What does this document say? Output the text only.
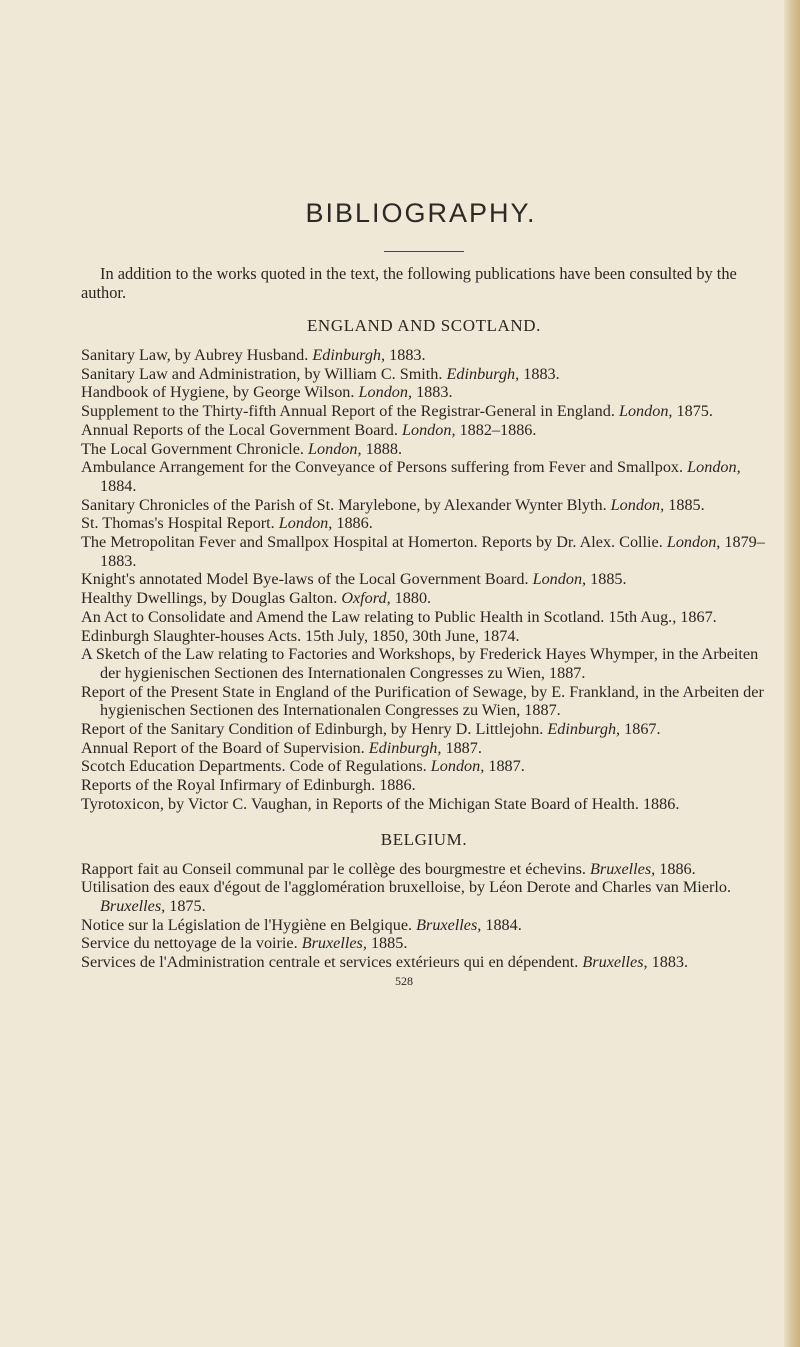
BIBLIOGRAPHY.

In addition to the works quoted in the text, the following publications have been consulted by the author.

ENGLAND AND SCOTLAND.
Sanitary Law, by Aubrey Husband. Edinburgh, 1883.
Sanitary Law and Administration, by William C. Smith. Edinburgh, 1883.
Handbook of Hygiene, by George Wilson. London, 1883.
Supplement to the Thirty-fifth Annual Report of the Registrar-General in England. London, 1875.
Annual Reports of the Local Government Board. London, 1882–1886.
The Local Government Chronicle. London, 1888.
Ambulance Arrangement for the Conveyance of Persons suffering from Fever and Smallpox. London, 1884.
Sanitary Chronicles of the Parish of St. Marylebone, by Alexander Wynter Blyth. London, 1885.
St. Thomas's Hospital Report. London, 1886.
The Metropolitan Fever and Smallpox Hospital at Homerton. Reports by Dr. Alex. Collie. London, 1879–1883.
Knight's annotated Model Bye-laws of the Local Government Board. London, 1885.
Healthy Dwellings, by Douglas Galton. Oxford, 1880.
An Act to Consolidate and Amend the Law relating to Public Health in Scotland. 15th Aug., 1867.
Edinburgh Slaughter-houses Acts. 15th July, 1850, 30th June, 1874.
A Sketch of the Law relating to Factories and Workshops, by Frederick Hayes Whymper, in the Arbeiten der hygienischen Sectionen des Internationalen Congresses zu Wien, 1887.
Report of the Present State in England of the Purification of Sewage, by E. Frankland, in the Arbeiten der hygienischen Sectionen des Internationalen Congresses zu Wien, 1887.
Report of the Sanitary Condition of Edinburgh, by Henry D. Littlejohn. Edinburgh, 1867.
Annual Report of the Board of Supervision. Edinburgh, 1887.
Scotch Education Departments. Code of Regulations. London, 1887.
Reports of the Royal Infirmary of Edinburgh. 1886.
Tyrotoxicon, by Victor C. Vaughan, in Reports of the Michigan State Board of Health. 1886.
BELGIUM.
Rapport fait au Conseil communal par le collège des bourgmestre et échevins. Bruxelles, 1886.
Utilisation des eaux d'égout de l'agglomération bruxelloise, by Léon Derote and Charles van Mierlo. Bruxelles, 1875.
Notice sur la Législation de l'Hygiène en Belgique. Bruxelles, 1884.
Service du nettoyage de la voirie. Bruxelles, 1885.
Services de l'Administration centrale et services extérieurs qui en dépendent. Bruxelles, 1883.
528
